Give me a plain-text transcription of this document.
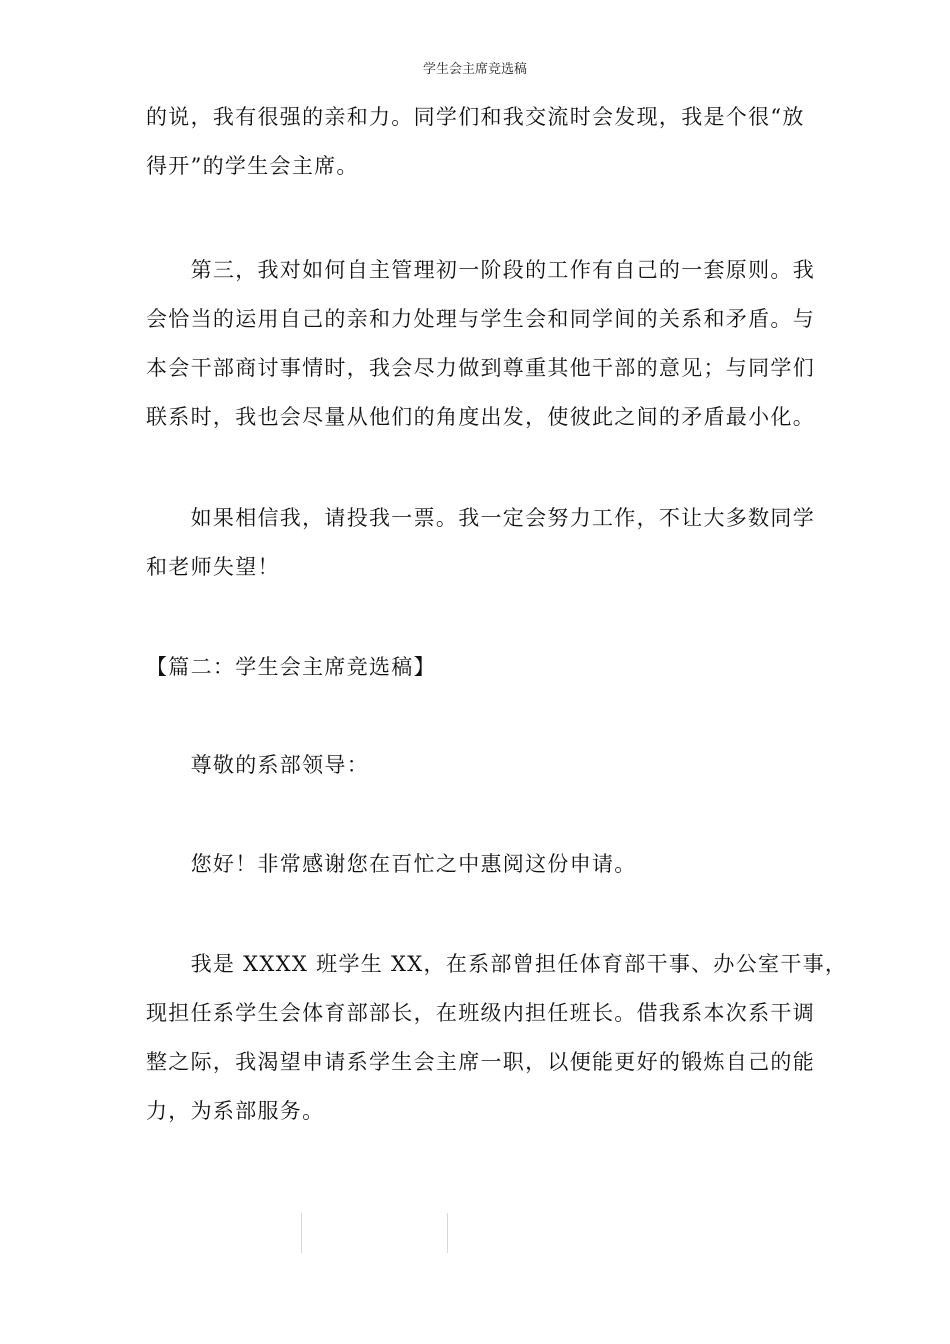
学生会主席竞选稿
的说，我有很强的亲和力。同学们和我交流时会发现，我是个很“放
得开”的学生会主席。
　　第三，我对如何自主管理初一阶段的工作有自己的一套原则。我
会恰当的运用自己的亲和力处理与学生会和同学间的关系和矛盾。与
本会干部商讨事情时，我会尽力做到尊重其他干部的意见；与同学们
联系时，我也会尽量从他们的角度出发，使彼此之间的矛盾最小化。
　　如果相信我，请投我一票。我一定会努力工作，不让大多数同学
和老师失望！
【篇二：学生会主席竞选稿】
　　尊敬的系部领导：
　　您好！非常感谢您在百忙之中惠阅这份申请。
　　我是 XXXX 班学生 XX，在系部曾担任体育部干事、办公室干事，
现担任系学生会体育部部长，在班级内担任班长。借我系本次系干调
整之际，我渴望申请系学生会主席一职，以便能更好的锻炼自己的能
力，为系部服务。
